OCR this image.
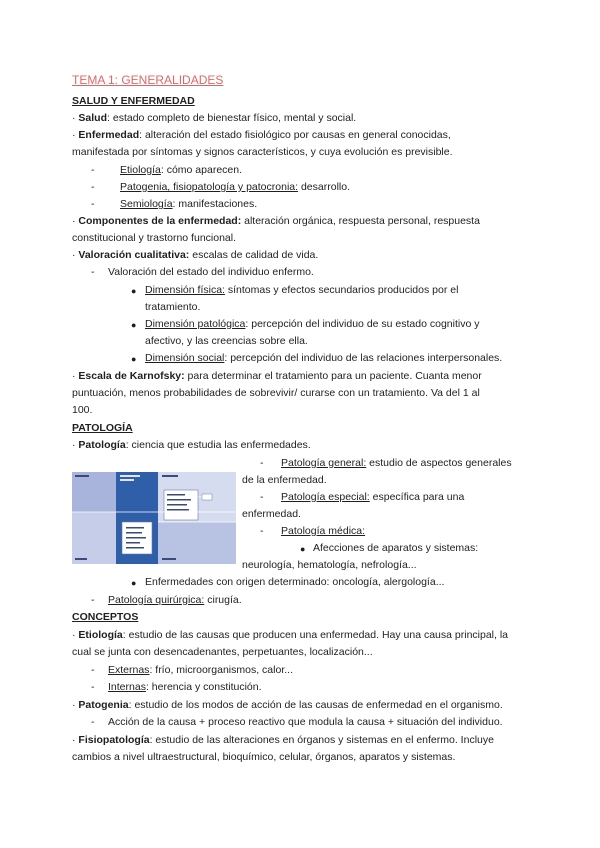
TEMA 1: GENERALIDADES
SALUD Y ENFERMEDAD
· Salud: estado completo de bienestar físico, mental y social.
· Enfermedad: alteración del estado fisiológico por causas en general conocidas,
manifestada por síntomas y signos característicos, y cuya evolución es previsible.
- Etiología: cómo aparecen.
- Patogenia, fisiopatología y patocronia: desarrollo.
- Semiología: manifestaciones.
· Componentes de la enfermedad: alteración orgánica, respuesta personal, respuesta
constitucional y trastorno funcional.
· Valoración cualitativa: escalas de calidad de vida.
- Valoración del estado del individuo enfermo.
● Dimensión física: síntomas y efectos secundarios producidos por el
tratamiento.
● Dimensión patológica: percepción del individuo de su estado cognitivo y
afectivo, y las creencias sobre ella.
● Dimensión social: percepción del individuo de las relaciones interpersonales.
· Escala de Karnofsky: para determinar el tratamiento para un paciente. Cuanta menor
puntuación, menos probabilidades de sobrevivir/ curarse con un tratamiento. Va del 1 al
100.
PATOLOGÍA
· Patología: ciencia que estudia las enfermedades.
- Patología general: estudio de aspectos generales
de la enfermedad.
- Patología especial: específica para una
enfermedad.
- Patología médica:
● Afecciones de aparatos y sistemas:
neurología, hematología, nefrología...
● Enfermedades con origen determinado: oncología, alergología...
- Patología quirúrgica: cirugía.
CONCEPTOS
· Etiología: estudio de las causas que producen una enfermedad. Hay una causa principal, la
cual se junta con desencadenantes, perpetuantes, localización...
- Externas: frío, microorganismos, calor...
- Internas: herencia y constitución.
· Patogenia: estudio de los modos de acción de las causas de enfermedad en el organismo.
- Acción de la causa + proceso reactivo que modula la causa + situación del individuo.
· Fisiopatología: estudio de las alteraciones en órganos y sistemas en el enfermo. Incluye
cambios a nivel ultraestructural, bioquímico, celular, órganos, aparatos y sistemas.
